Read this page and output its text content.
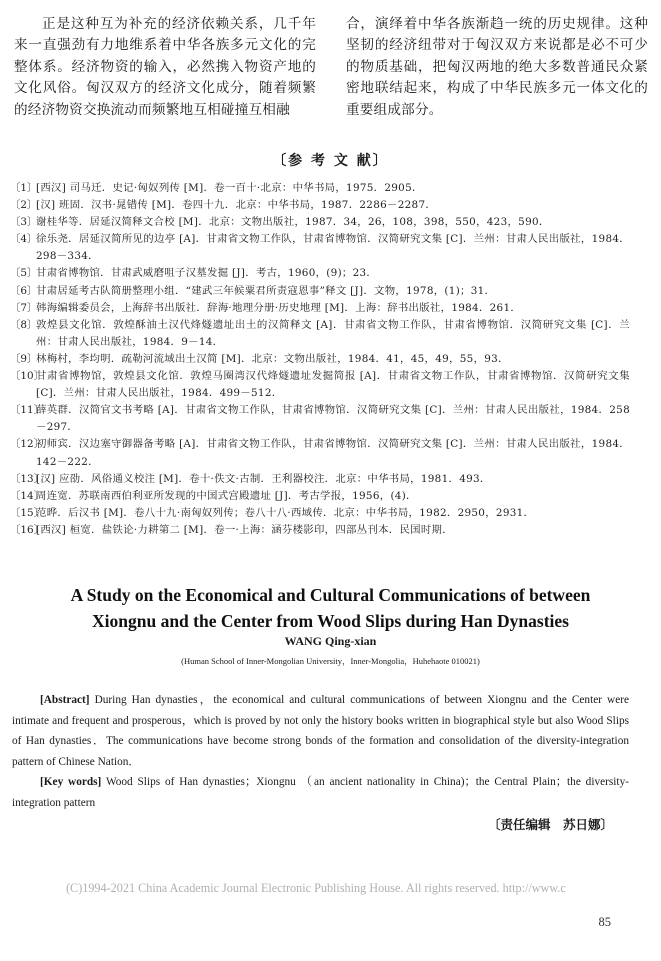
正是这种互为补充的经济依赖关系，几千年来一直强劲有力地维系着中华各族多元文化的完整体系。经济物资的输入，必然携入物资产地的文化风俗。匈汉双方的经济文化成分，随着频繁的经济物资交换流动而频繁地互相碰撞互相融

合，演绎着中华各族渐趋一统的历史规律。这种坚韧的经济纽带对于匈汉双方来说都是必不可少的物质基础，把匈汉两地的绝大多数普通民众紧密地联结起来，构成了中华民族多元一体文化的重要组成部分。

〔参 考 文 献〕
〔1〕
[西汉] 司马迁．史记·匈奴列传 [M]．卷一百十·北京：中华书局，1975．2905．
〔2〕
[汉] 班固．汉书·晁错传 [M]．卷四十九．北京：中华书局，1987．2286－2287．
〔3〕
谢桂华等．居延汉简释文合校 [M]．北京：文物出版社，1987．34，26，108，398，550，423，590．
〔4〕
徐乐尧．居延汉简所见的边亭 [A]．甘肃省文物工作队，甘肃省博物馆．汉简研究文集 [C]．兰州：甘肃人民出版社，1984．298－334．
〔5〕
甘肃省博物馆．甘肃武威磨咀子汉墓发掘 [J]．考古，1960，(9)；23．
〔6〕
甘肃居延考古队简册整理小组．“建武三年候粟君所责寇恩事”释文 [J]．文物，1978，(1)；31．
〔7〕
韩海编辑委员会，上海辞书出版社．辞海·地理分册·历史地理 [M]．上海：辞书出版社，1984．261．
〔8〕
敦煌县文化馆．敦煌酥油土汉代烽燧遗址出土的汉简释文 [A]．甘肃省文物工作队，甘肃省博物馆．汉简研究文集 [C]．兰州：甘肃人民出版社，1984．9－14．
〔9〕
林梅村，李均明．疏勒河流域出土汉简 [M]．北京：文物出版社，1984．41，45，49，55，93．
〔10〕
甘肃省博物馆，敦煌县文化馆．敦煌马圈湾汉代烽燧遗址发掘简报 [A]．甘肃省文物工作队，甘肃省博物馆．汉简研究文集 [C]．兰州：甘肃人民出版社，1984．499－512．
〔11〕
薛英群．汉简官文书考略 [A]．甘肃省文物工作队，甘肃省博物馆．汉简研究文集 [C]．兰州：甘肃人民出版社，1984．258－297．
〔12〕
初师宾．汉边塞守御器备考略 [A]．甘肃省文物工作队，甘肃省博物馆．汉简研究文集 [C]．兰州：甘肃人民出版社，1984．142－222．
〔13〕
[汉] 应劭．风俗通义校注 [M]．卷十·佚文·古制．王利器校注．北京：中华书局，1981．493．
〔14〕
周连宽．苏联南西伯利亚所发现的中国式宫殿遗址 [J]．考古学报，1956，(4)．
〔15〕
范晔．后汉书 [M]．卷八十九·南匈奴列传；卷八十八·西域传．北京：中华书局，1982．2950，2931．
〔16〕
[西汉] 桓宽．盐铁论·力耕第二 [M]．卷一·上海：涵芬楼影印，四部丛刊本．民国时期．
A Study on the Economical and Cultural Communications of between
Xiongnu and the Center from Wood Slips during Han Dynasties
WANG Qing-xian
(Human School of Inner-Mongolian University，Inner-Mongolia，Huhehaote 010021)

[Abstract] During Han dynasties，the economical and cultural communications of between Xiongnu and the Center were intimate and frequent and prosperous，which is proved by not only the history books written in biographical style but also Wood Slips of Han dynasties．The communications have become strong bonds of the formation and consolidation of the diversity-integration pattern of Chinese Nation．

[Key words] Wood Slips of Han dynasties；Xiongnu （an ancient nationality in China)；the Central Plain；the diversity-integration pattern

〔责任编辑　苏日娜〕
(C)1994-2021 China Academic Journal Electronic Publishing House. All rights reserved. http://www.c
85
